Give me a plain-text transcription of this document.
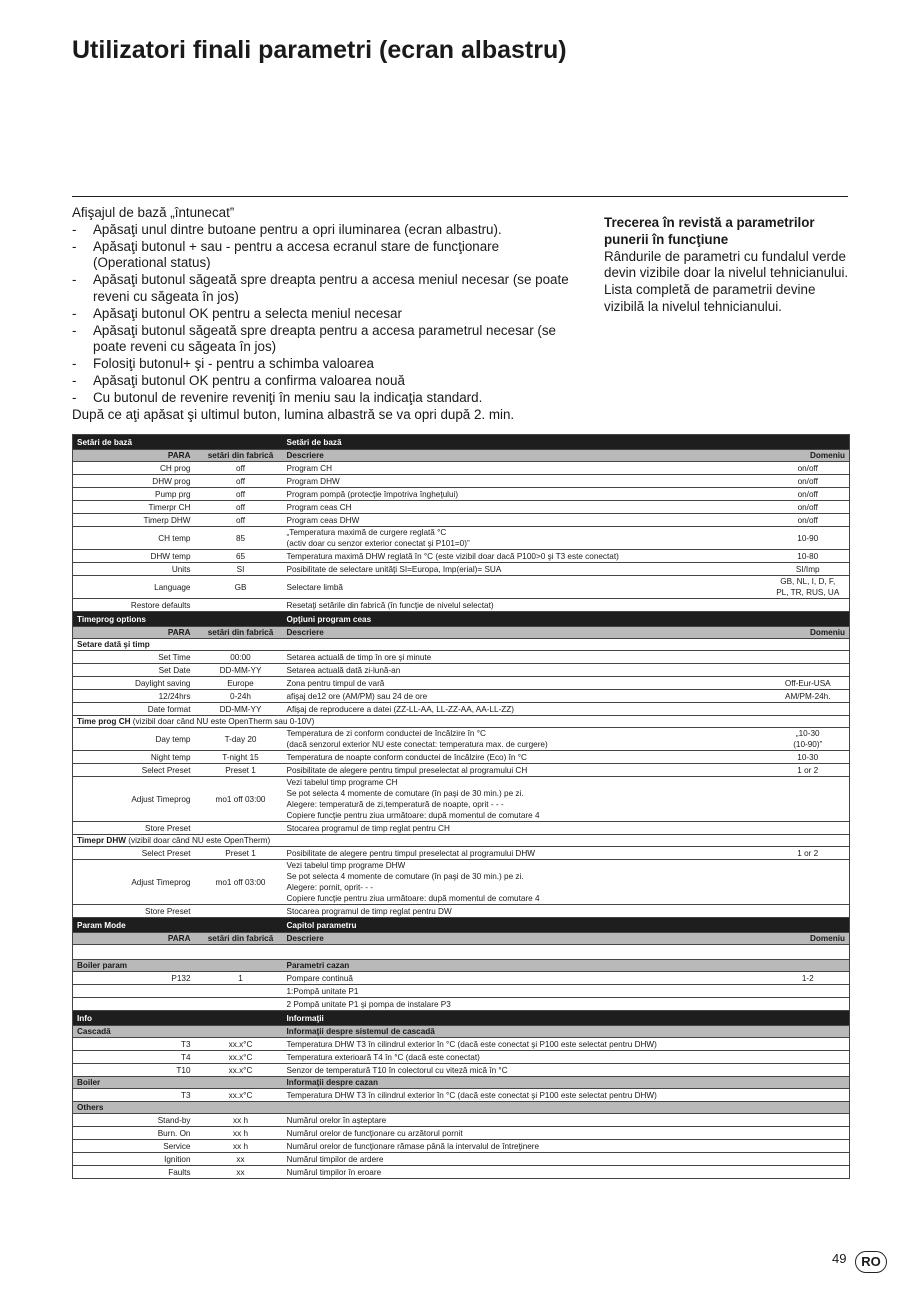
Utilizatori finali parametri (ecran albastru)
Afişajul de bază „întunecat”
- Apăsaţi unul dintre butoane pentru a opri iluminarea (ecran albastru).
- Apăsaţi butonul + sau - pentru a accesa ecranul stare de funcţionare (Operational status)
- Apăsaţi butonul săgeată spre dreapta pentru a accesa meniul necesar (se poate reveni cu săgeata în jos)
- Apăsaţi butonul OK pentru a selecta meniul necesar
- Apăsaţi butonul săgeată spre dreapta pentru a accesa parametrul necesar (se poate reveni cu săgeata în jos)
- Folosiţi butonul+ şi - pentru a schimba valoarea
- Apăsaţi butonul OK pentru a confirma valoarea nouă
- Cu butonul de revenire reveniţi în meniu sau la indicaţia standard.
După ce aţi apăsat şi ultimul buton, lumina albastră se va opri după 2. min.
Trecerea în revistă a parametrilor punerii în funcţiune
Rândurile de parametri cu fundalul verde devin vizibile doar la nivelul tehnicianului.
Lista completă de parametrii devine vizibilă la nivelul tehnicianului.
Setări de bază		Setări de bază	
PARA	setări din fabrică	Descriere	Domeniu
CH prog	off	Program CH	on/off
DHW prog	off	Program DHW	on/off
Pump prg	off	Program pompă (protecţie împotriva îngheţului)	on/off
Timerpr CH	off	Program ceas CH	on/off
Timerp DHW	off	Program ceas DHW	on/off
CH temp	85	„Temperatura maximă de curgere reglată °C
(activ doar cu senzor exterior conectat şi P101=0)”	10-90
DHW temp	65	Temperatura maximă DHW reglată în °C (este vizibil doar dacă P100>0 şi T3 este conectat)	10-80
Units	SI	Posibilitate de selectare unităţi SI=Europa, Imp(erial)= SUA	SI/Imp
Language	GB	Selectare limbă	GB, NL, I, D, F,
PL, TR, RUS, UA
Restore defaults		Resetaţi setările din fabrică (în funcţie de nivelul selectat)	
Timeprog options		Opţiuni program ceas	
PARA	setări din fabrică	Descriere	Domeniu
Setare dată şi timp			
Set Time	00:00	Setarea actuală de timp în ore şi minute	
Set Date	DD-MM-YY	Setarea actuală dată zi-lună-an	
Daylight saving	Europe	Zona pentru timpul de vară	Off-Eur-USA
12/24hrs	0-24h	afişaj de12 ore (AM/PM) sau 24 de ore	AM/PM-24h.
Date format	DD-MM-YY	Afişaj de reproducere a datei (ZZ-LL-AA, LL-ZZ-AA, AA-LL-ZZ)	
Time prog CH (vizibil doar când NU este OpenTherm sau 0-10V)			
Day temp	T-day 20	Temperatura de zi conform conductei de încălzire în °C
(dacă senzorul exterior NU este conectat: temperatura max. de curgere)	„10-30
(10-90)”
Night temp	T-night 15	Temperatura de noapte conform conductei de încălzire (Eco) în °C	10-30
Select Preset	Preset 1	Posibilitate de alegere pentru timpul preselectat al programului CH	1 or 2
Adjust Timeprog	mo1 off 03:00	Vezi tabelul timp programe CH
Se pot selecta 4 momente de comutare (în paşi de 30 min.) pe zi.
Alegere: temperatură de zi,temperatură de noapte, oprit - - -
Copiere funcţie pentru ziua următoare: după momentul de comutare 4	
Store Preset		Stocarea programul de timp reglat pentru CH	
Timepr DHW (vizibil doar când NU este OpenTherm)			
Select Preset	Preset 1	Posibilitate de alegere pentru timpul preselectat al programului DHW	1 or 2
Adjust Timeprog	mo1 off 03:00	Vezi tabelul timp programe DHW
Se pot selecta 4 momente de comutare (în paşi de 30 min.) pe zi.
Alegere: pornit, oprit- - -
Copiere funcţie pentru ziua următoare: după momentul de comutare 4	
Store Preset		Stocarea programul de timp reglat pentru DW	
Param Mode		Capitol parametru	
PARA	setări din fabrică	Descriere	Domeniu

Boiler param		Parametri cazan	
P132	1	Pompare continuă	1-2
		1:Pompă unitate P1	
		2 Pompă unitate P1 şi pompa de instalare P3	
Info		Informaţii	
Cascadă		Informaţii despre sistemul de cascadă	
T3	xx.x°C	Temperatura DHW T3 în cilindrul exterior în °C (dacă este conectat şi P100 este selectat pentru DHW)	
T4	xx.x°C	Temperatura exterioară T4 în °C (dacă este conectat)	
T10	xx.x°C	Senzor de temperatură T10 în colectorul cu viteză mică în °C	
Boiler		Informaţii despre cazan	
T3	xx.x°C	Temperatura DHW T3 în cilindrul exterior în °C (dacă este conectat şi P100 este selectat pentru DHW)	
Others			
Stand-by	xx h	Numărul orelor în aşteptare	
Burn. On	xx h	Numărul orelor de funcţionare cu arzătorul pornit	
Service	xx h	Numărul orelor de funcţionare rămase până la intervalul de întreţinere	
Ignition	xx	Numărul timpilor de ardere	
Faults	xx	Numărul timpilor în eroare	
49	RO
